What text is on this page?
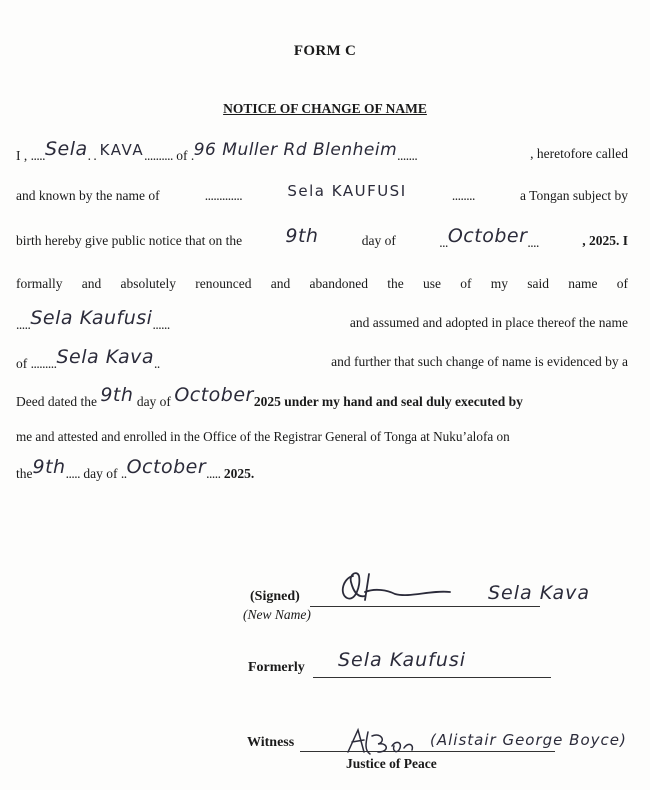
FORM C
NOTICE OF CHANGE OF NAME
I , .....Sela. . KAVA.......... of .96 Muller Rd Blenheim.......	, heretofore called
and known by the name of	.............	Sela KAUFUSI	........	a Tongan subject by
birth hereby give public notice that on the 9th	day of	...October....	, 2025. I
formally and absolutely renounced and abandoned the use of my said name of
.....Sela Kaufusi......	and assumed and adopted in place thereof the name
of .........Sela Kava..	and further that such change of name is evidenced by a
Deed dated the 9th day of October2025 under my hand and seal duly executed by
me and attested and enrolled in the Office of the Registrar General of Tonga at Nuku’alofa on
the9th..... day of ..October..... 2025.
(Signed)
(New Name)
Sela Kava
Formerly Sela Kaufusi
Witness	(Alistair George Boyce)
Justice of Peace
